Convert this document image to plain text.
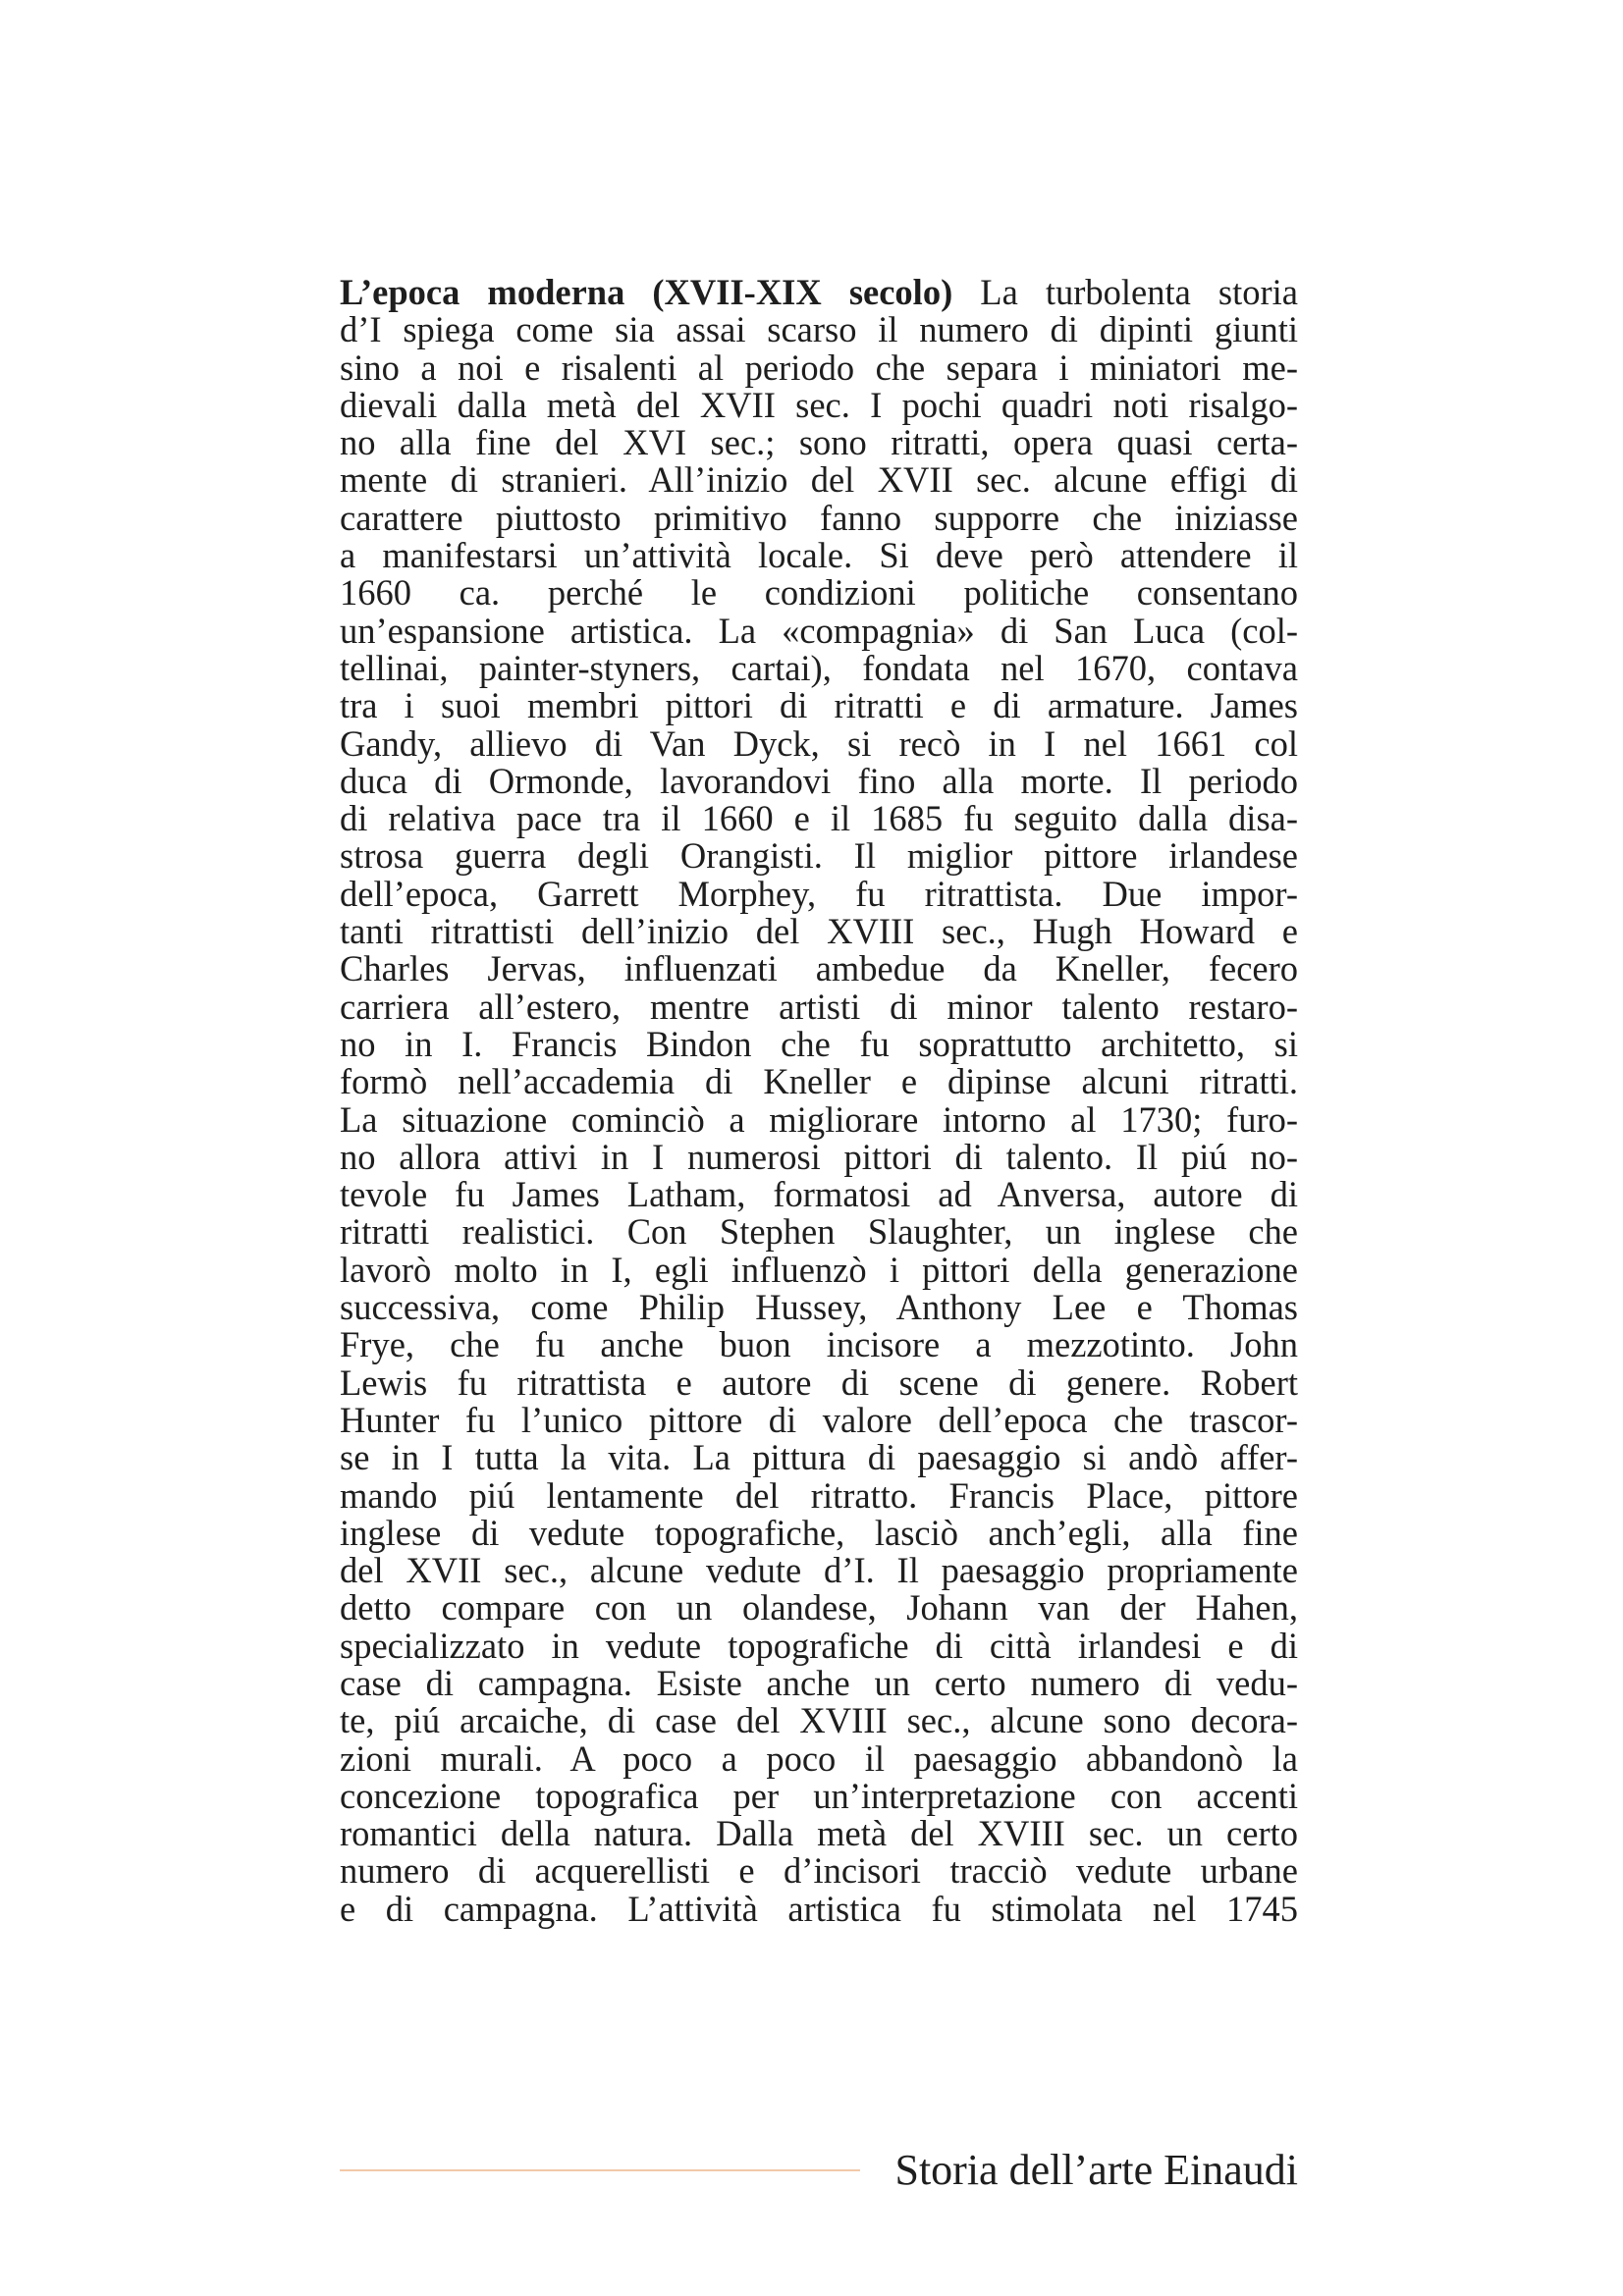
L’epoca moderna (XVII-XIX secolo) La turbolenta storia
d’I spiega come sia assai scarso il numero di dipinti giunti
sino a noi e risalenti al periodo che separa i miniatori me-
dievali dalla metà del XVII sec. I pochi quadri noti risalgo-
no alla fine del XVI sec.; sono ritratti, opera quasi certa-
mente di stranieri. All’inizio del XVII sec. alcune effigi di
carattere piuttosto primitivo fanno supporre che iniziasse
a manifestarsi un’attività locale. Si deve però attendere il
1660 ca. perché le condizioni politiche consentano
un’espansione artistica. La «compagnia» di San Luca (col-
tellinai, painter-styners, cartai), fondata nel 1670, contava
tra i suoi membri pittori di ritratti e di armature. James
Gandy, allievo di Van Dyck, si recò in I nel 1661 col
duca di Ormonde, lavorandovi fino alla morte. Il periodo
di relativa pace tra il 1660 e il 1685 fu seguito dalla disa-
strosa guerra degli Orangisti. Il miglior pittore irlandese
dell’epoca, Garrett Morphey, fu ritrattista. Due impor-
tanti ritrattisti dell’inizio del XVIII sec., Hugh Howard e
Charles Jervas, influenzati ambedue da Kneller, fecero
carriera all’estero, mentre artisti di minor talento restaro-
no in I. Francis Bindon che fu soprattutto architetto, si
formò nell’accademia di Kneller e dipinse alcuni ritratti.
La situazione cominciò a migliorare intorno al 1730; furo-
no allora attivi in I numerosi pittori di talento. Il piú no-
tevole fu James Latham, formatosi ad Anversa, autore di
ritratti realistici. Con Stephen Slaughter, un inglese che
lavorò molto in I, egli influenzò i pittori della generazione
successiva, come Philip Hussey, Anthony Lee e Thomas
Frye, che fu anche buon incisore a mezzotinto. John
Lewis fu ritrattista e autore di scene di genere. Robert
Hunter fu l’unico pittore di valore dell’epoca che trascor-
se in I tutta la vita. La pittura di paesaggio si andò affer-
mando piú lentamente del ritratto. Francis Place, pittore
inglese di vedute topografiche, lasciò anch’egli, alla fine
del XVII sec., alcune vedute d’I. Il paesaggio propriamente
detto compare con un olandese, Johann van der Hahen,
specializzato in vedute topografiche di città irlandesi e di
case di campagna. Esiste anche un certo numero di vedu-
te, piú arcaiche, di case del XVIII sec., alcune sono decora-
zioni murali. A poco a poco il paesaggio abbandonò la
concezione topografica per un’interpretazione con accenti
romantici della natura. Dalla metà del XVIII sec. un certo
numero di acquerellisti e d’incisori tracciò vedute urbane
e di campagna. L’attività artistica fu stimolata nel 1745
Storia dell’arte Einaudi
